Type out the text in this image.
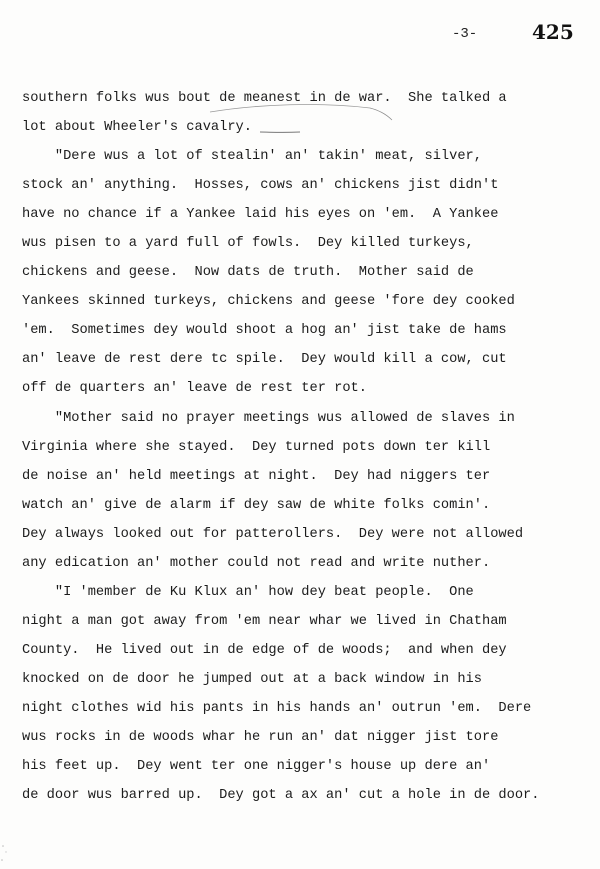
-3-	425
southern folks wus bout de meanest in de war.  She talked a
lot about Wheeler's cavalry.
"Dere wus a lot of stealin' an' takin' meat, silver,
stock an' anything.  Hosses, cows an' chickens jist didn't
have no chance if a Yankee laid his eyes on 'em.  A Yankee
wus pisen to a yard full of fowls.  Dey killed turkeys,
chickens and geese.  Now dats de truth.  Mother said de
Yankees skinned turkeys, chickens and geese 'fore dey cooked
'em.  Sometimes dey would shoot a hog an' jist take de hams
an' leave de rest dere tc spile.  Dey would kill a cow, cut
off de quarters an' leave de rest ter rot.
"Mother said no prayer meetings wus allowed de slaves in
Virginia where she stayed.  Dey turned pots down ter kill
de noise an' held meetings at night.  Dey had niggers ter
watch an' give de alarm if dey saw de white folks comin'.
Dey always looked out for patterollers.  Dey were not allowed
any edication an' mother could not read and write nuther.
"I 'member de Ku Klux an' how dey beat people.  One
night a man got away from 'em near whar we lived in Chatham
County.  He lived out in de edge of de woods;  and when dey
knocked on de door he jumped out at a back window in his
night clothes wid his pants in his hands an' outrun 'em.  Dere
wus rocks in de woods whar he run an' dat nigger jist tore
his feet up.  Dey went ter one nigger's house up dere an'
de door wus barred up.  Dey got a ax an' cut a hole in de door.
